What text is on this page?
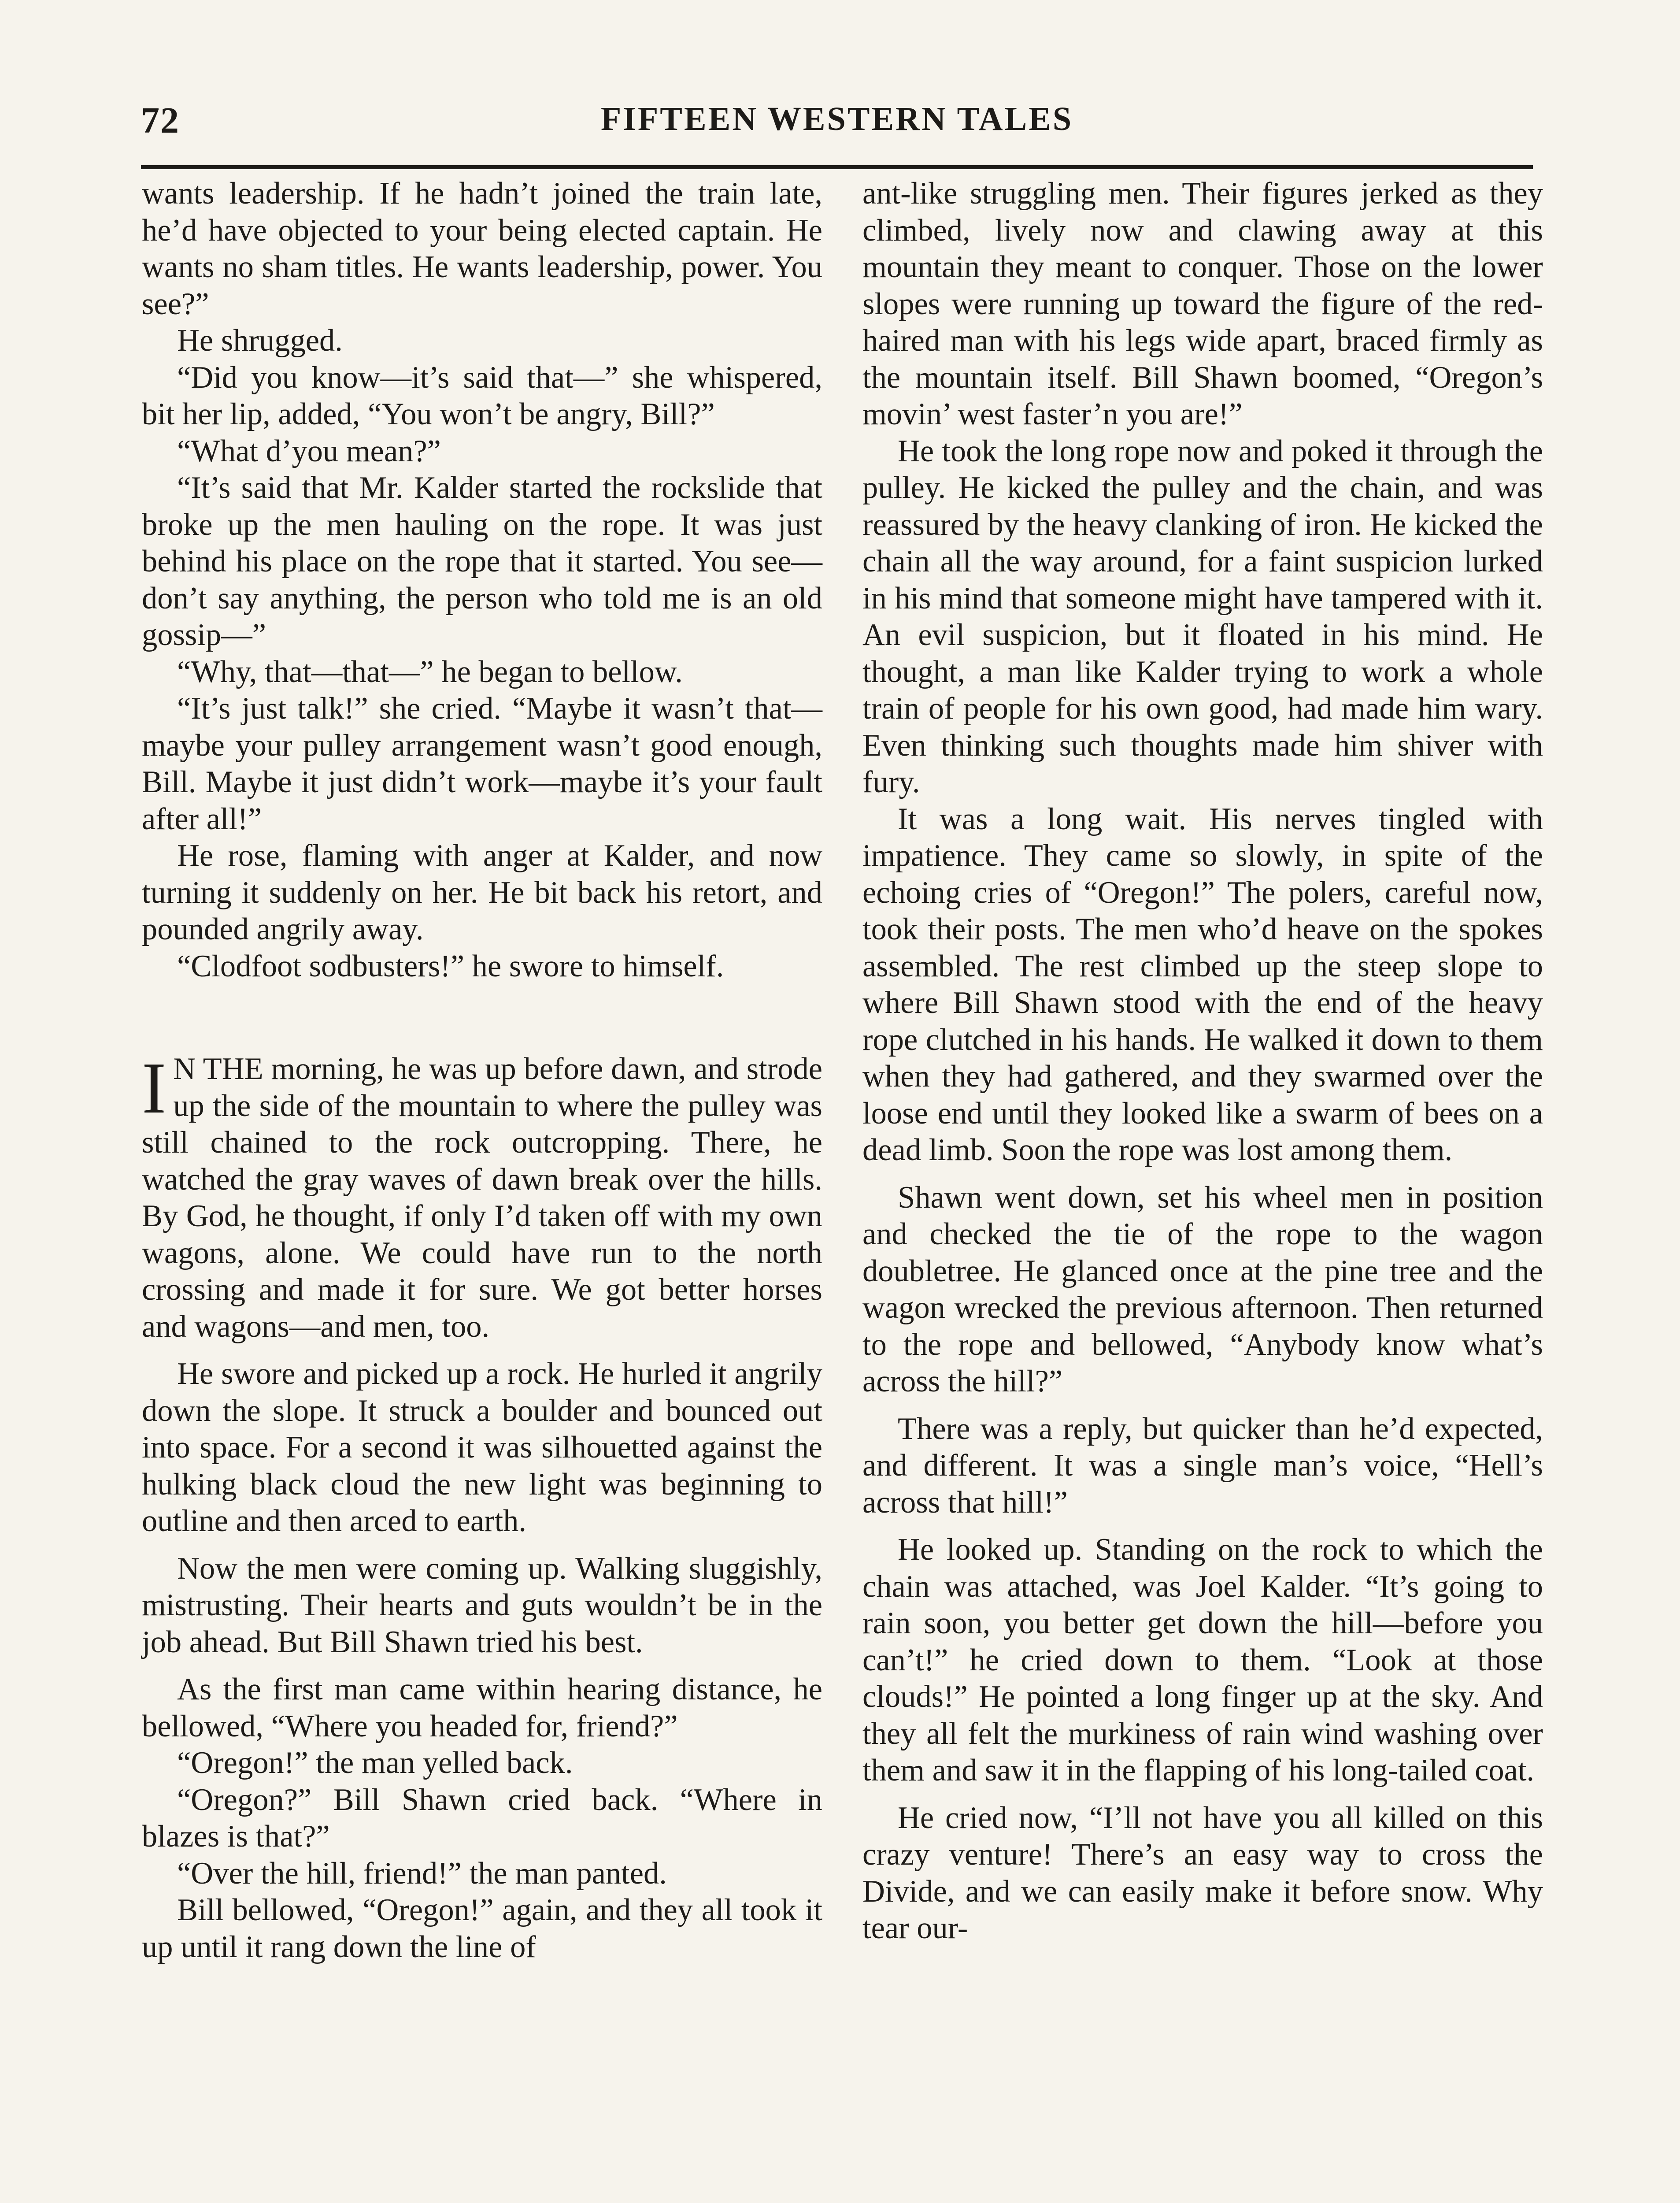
72	FIFTEEN WESTERN TALES

wants leadership. If he hadn’t joined the train late, he’d have objected to your being elected captain. He wants no sham titles. He wants leadership, power. You see?”

He shrugged.

“Did you know—it’s said that—” she whispered, bit her lip, added, “You won’t be angry, Bill?”

“What d’you mean?”

“It’s said that Mr. Kalder started the rockslide that broke up the men hauling on the rope. It was just behind his place on the rope that it started. You see—don’t say anything, the person who told me is an old gossip—”

“Why, that—that—” he began to bellow.

“It’s just talk!” she cried. “Maybe it wasn’t that—maybe your pulley arrangement wasn’t good enough, Bill. Maybe it just didn’t work—maybe it’s your fault after all!”

He rose, flaming with anger at Kalder, and now turning it suddenly on her. He bit back his retort, and pounded angrily away.

“Clodfoot sodbusters!” he swore to himself.

I N THE morning, he was up before dawn, and strode up the side of the mountain to where the pulley was still chained to the rock outcropping. There, he watched the gray waves of dawn break over the hills. By God, he thought, if only I’d taken off with my own wagons, alone. We could have run to the north crossing and made it for sure. We got better horses and wagons—and men, too.

He swore and picked up a rock. He hurled it angrily down the slope. It struck a boulder and bounced out into space. For a second it was silhouetted against the hulking black cloud the new light was beginning to outline and then arced to earth.

Now the men were coming up. Walking sluggishly, mistrusting. Their hearts and guts wouldn’t be in the job ahead. But Bill Shawn tried his best.

As the first man came within hearing distance, he bellowed, “Where you headed for, friend?”

“Oregon!” the man yelled back.

“Oregon?” Bill Shawn cried back. “Where in blazes is that?”

“Over the hill, friend!” the man panted.

Bill bellowed, “Oregon!” again, and they all took it up until it rang down the line of

ant-like struggling men. Their figures jerked as they climbed, lively now and clawing away at this mountain they meant to conquer. Those on the lower slopes were running up toward the figure of the red-haired man with his legs wide apart, braced firmly as the mountain itself. Bill Shawn boomed, “Oregon’s movin’ west faster’n you are!”

He took the long rope now and poked it through the pulley. He kicked the pulley and the chain, and was reassured by the heavy clanking of iron. He kicked the chain all the way around, for a faint suspicion lurked in his mind that someone might have tampered with it. An evil suspicion, but it floated in his mind. He thought, a man like Kalder trying to work a whole train of people for his own good, had made him wary. Even thinking such thoughts made him shiver with fury.

It was a long wait. His nerves tingled with impatience. They came so slowly, in spite of the echoing cries of “Oregon!” The polers, careful now, took their posts. The men who’d heave on the spokes assembled. The rest climbed up the steep slope to where Bill Shawn stood with the end of the heavy rope clutched in his hands. He walked it down to them when they had gathered, and they swarmed over the loose end until they looked like a swarm of bees on a dead limb. Soon the rope was lost among them.

Shawn went down, set his wheel men in position and checked the tie of the rope to the wagon doubletree. He glanced once at the pine tree and the wagon wrecked the previous afternoon. Then returned to the rope and bellowed, “Anybody know what’s across the hill?”

There was a reply, but quicker than he’d expected, and different. It was a single man’s voice, “Hell’s across that hill!”

He looked up. Standing on the rock to which the chain was attached, was Joel Kalder. “It’s going to rain soon, you better get down the hill—before you can’t!” he cried down to them. “Look at those clouds!” He pointed a long finger up at the sky. And they all felt the murkiness of rain wind washing over them and saw it in the flapping of his long-tailed coat.

He cried now, “I’ll not have you all killed on this crazy venture! There’s an easy way to cross the Divide, and we can easily make it before snow. Why tear our-
